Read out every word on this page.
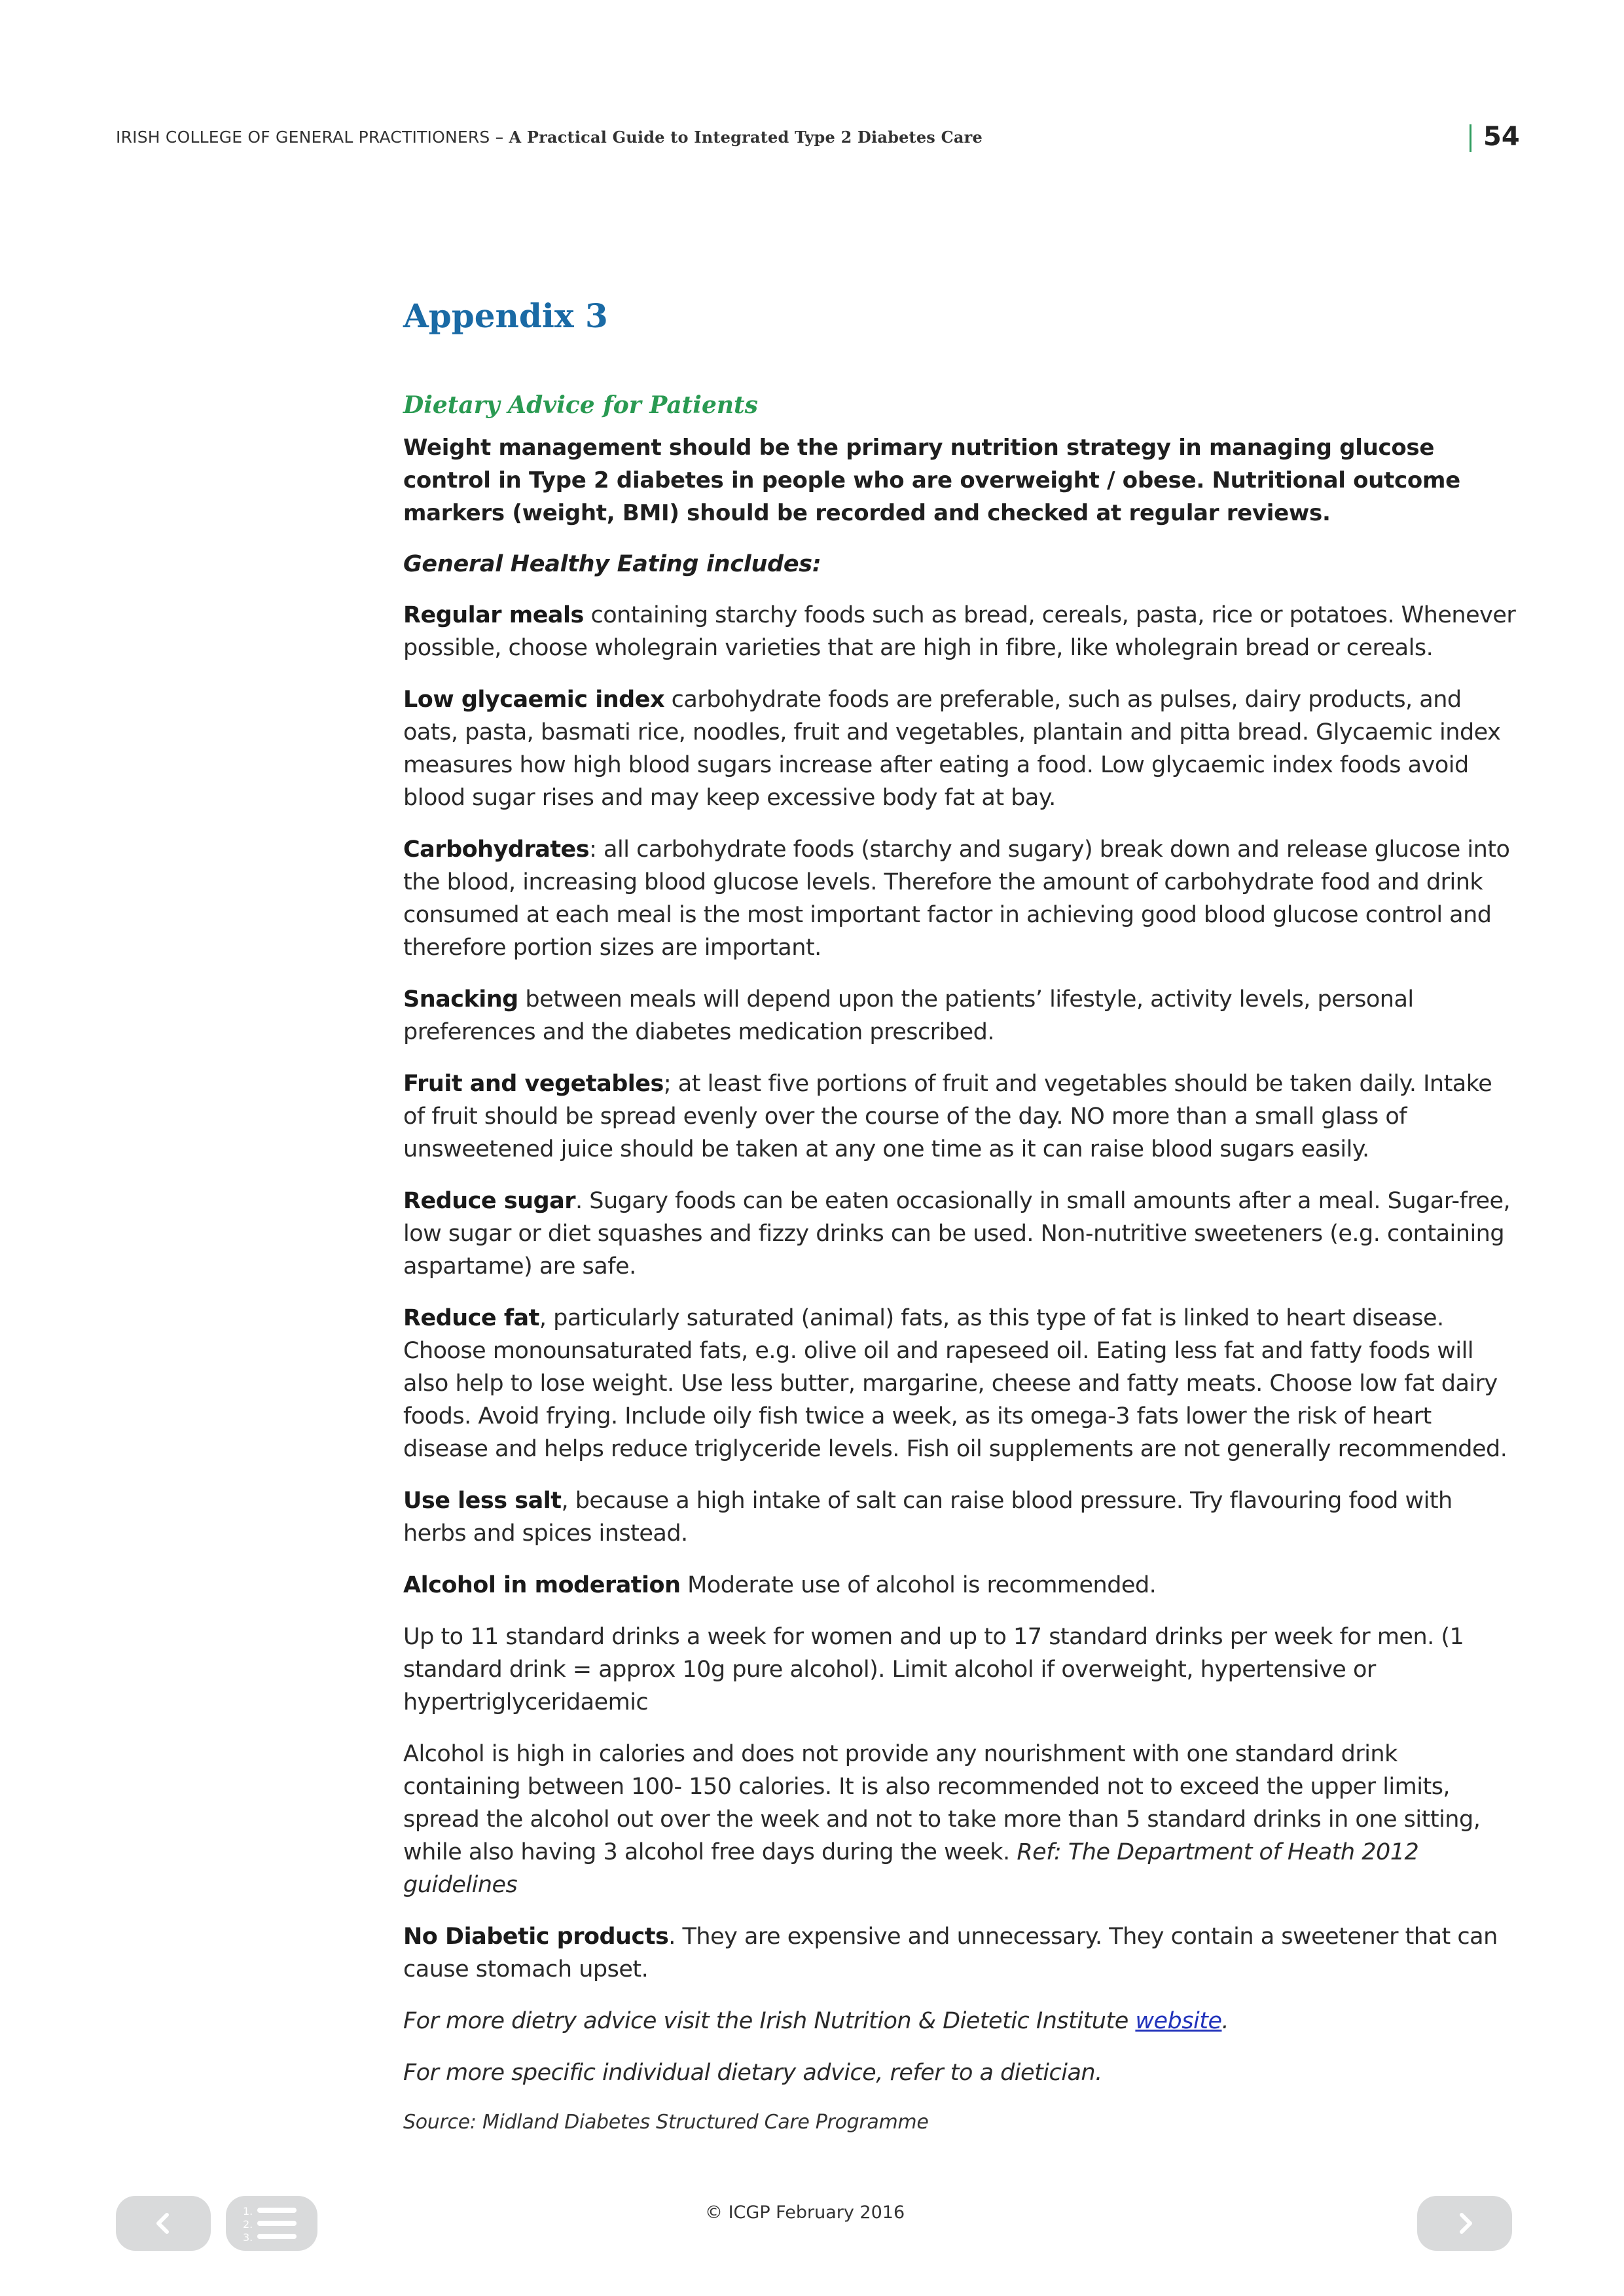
IRISH COLLEGE OF GENERAL PRACTITIONERS – A Practical Guide to Integrated Type 2 Diabetes Care	54
Appendix 3
Dietary Advice for Patients

Weight management should be the primary nutrition strategy in managing glucose control in Type 2 diabetes in people who are overweight / obese. Nutritional outcome markers (weight, BMI) should be recorded and checked at regular reviews.

General Healthy Eating includes:

Regular meals containing starchy foods such as bread, cereals, pasta, rice or potatoes. Whenever possible, choose wholegrain varieties that are high in fibre, like wholegrain bread or cereals.

Low glycaemic index carbohydrate foods are preferable, such as pulses, dairy products, and oats, pasta, basmati rice, noodles, fruit and vegetables, plantain and pitta bread. Glycaemic index measures how high blood sugars increase after eating a food. Low glycaemic index foods avoid blood sugar rises and may keep excessive body fat at bay.

Carbohydrates: all carbohydrate foods (starchy and sugary) break down and release glucose into the blood, increasing blood glucose levels. Therefore the amount of carbohydrate food and drink consumed at each meal is the most important factor in achieving good blood glucose control and therefore portion sizes are important.

Snacking between meals will depend upon the patients’ lifestyle, activity levels, personal preferences and the diabetes medication prescribed.

Fruit and vegetables; at least five portions of fruit and vegetables should be taken daily. Intake of fruit should be spread evenly over the course of the day. NO more than a small glass of unsweetened juice should be taken at any one time as it can raise blood sugars easily.

Reduce sugar. Sugary foods can be eaten occasionally in small amounts after a meal. Sugar-free, low sugar or diet squashes and fizzy drinks can be used. Non-nutritive sweeteners (e.g. containing aspartame) are safe.

Reduce fat, particularly saturated (animal) fats, as this type of fat is linked to heart disease. Choose monounsaturated fats, e.g. olive oil and rapeseed oil. Eating less fat and fatty foods will also help to lose weight. Use less butter, margarine, cheese and fatty meats. Choose low fat dairy foods. Avoid frying. Include oily fish twice a week, as its omega-3 fats lower the risk of heart disease and helps reduce triglyceride levels. Fish oil supplements are not generally recommended.

Use less salt, because a high intake of salt can raise blood pressure. Try flavouring food with herbs and spices instead.

Alcohol in moderation Moderate use of alcohol is recommended.

Up to 11 standard drinks a week for women and up to 17 standard drinks per week for men. (1 standard drink = approx 10g pure alcohol). Limit alcohol if overweight, hypertensive or hypertriglyceridaemic

Alcohol is high in calories and does not provide any nourishment with one standard drink containing between 100- 150 calories. It is also recommended not to exceed the upper limits, spread the alcohol out over the week and not to take more than 5 standard drinks in one sitting, while also having 3 alcohol free days during the week. Ref: The Department of Heath 2012 guidelines

No Diabetic products. They are expensive and unnecessary. They contain a sweetener that can cause stomach upset.

For more dietry advice visit the Irish Nutrition & Dietetic Institute website.

For more specific individual dietary advice, refer to a dietician.

Source: Midland Diabetes Structured Care Programme

© ICGP February 2016
1.
2.
3.
